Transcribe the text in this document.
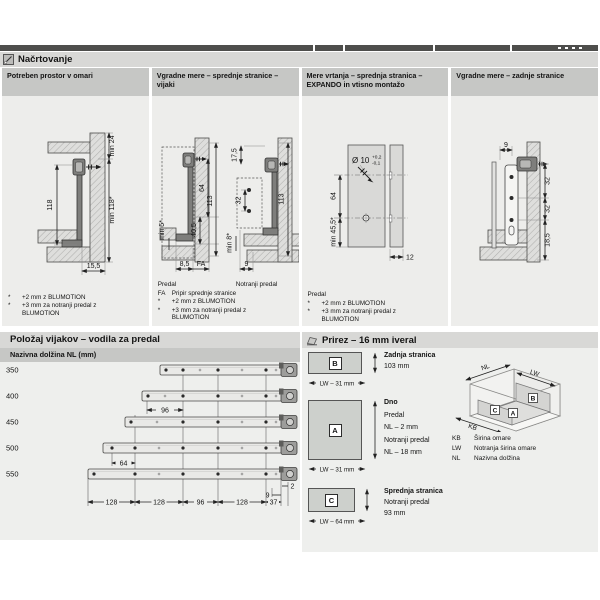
Načrtovanje
Potreben prostor v omari	Vgradne mere – sprednje stranice – vijaki
Mere vrtanja – sprednja stranica – EXPANDO in vtisno montažo
Vgradne mere – zadnje stranice
min 24
min 118*
118
15,5
*	+2 mm z BLUMOTION
*	+3 mm za notranji predal z BLUMOTION
40,5
64
113
min 5*
8,5 FA
17,5
32	113
min 8*
9
Predal	Notranji predal
FA Pripir sprednje stranice
*	+2 mm z BLUMOTION
*	+3 mm za notranji predal z BLUMOTION
Ø 10 +0,2
-0,1
64
min 45,5*
12
Predal
*	+2 mm z BLUMOTION
*	+3 mm za notranji predal z BLUMOTION
9
32
32
18,5
Položaj vijakov – vodila za predal
Nazivna dolžina NL (mm)
350
400
450
500
550
96
64
128	128	96	128	37
9
2
Prirez – 16 mm iveral
B
Zadnja stranica
103 mm
LW – 31 mm
A
Dno
Predal
NL – 2 mm
Notranji predal
NL – 18 mm
LW – 31 mm
C
Sprednja stranica
Notranji predal
93 mm
LW – 64 mm
B
A
C
KB
NL
LW
KB	Širina omare
LW	Notranja širina omare
NL	Nazivna dolžina
